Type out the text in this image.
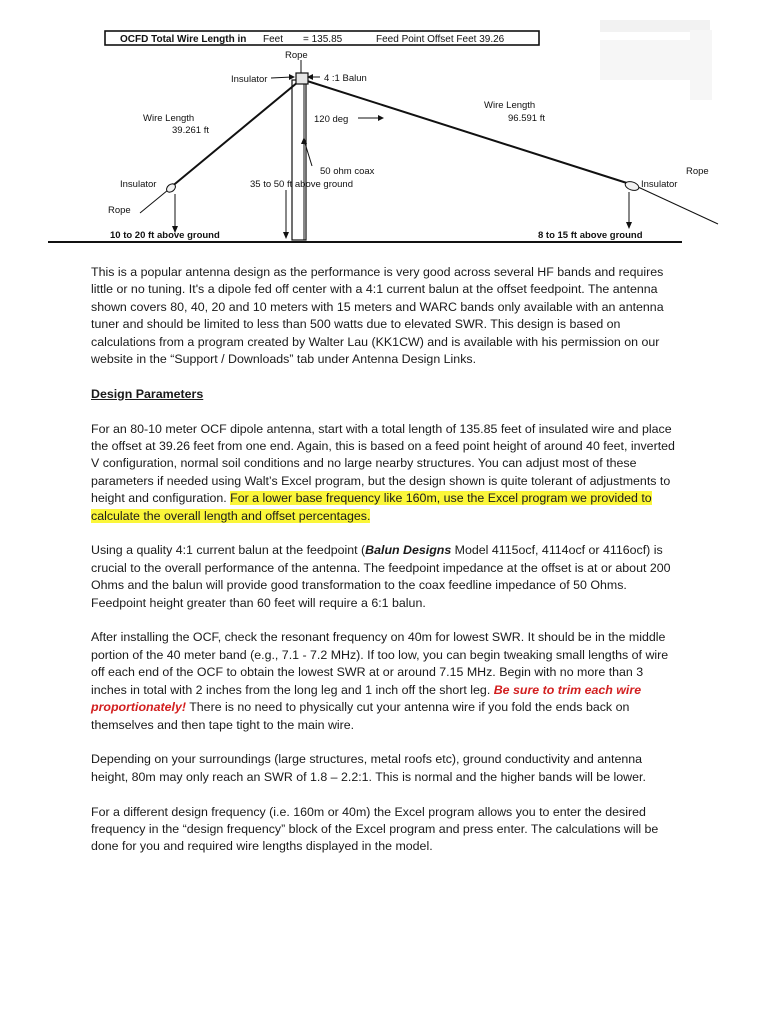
OCFD Total Wire Length in Feet = 135.85	Feed Point Offset Feet 39.26
Rope
Insulator	4 :1 Balun
Wire Length
39.261 ft
120 deg
Wire Length
96.591 ft
50 ohm coax
35 to 50 ft above ground
Insulator
Rope
Insulator
Rope
10 to 20 ft above ground	8 to 15 ft above ground

This is a popular antenna design as the performance is very good across several HF bands and requires little or no tuning. It's a dipole fed off center with a 4:1 current balun at the offset feedpoint. The antenna shown covers 80, 40, 20 and 10 meters with 15 meters and WARC bands only available with an antenna tuner and should be limited to less than 500 watts due to elevated SWR. This design is based on calculations from a program created by Walter Lau (KK1CW) and is available with his permission on our website in the “Support / Downloads” tab under Antenna Design Links.

Design Parameters

For an 80-10 meter OCF dipole antenna, start with a total length of 135.85 feet of insulated wire and place the offset at 39.26 feet from one end. Again, this is based on a feed point height of around 40 feet, inverted V configuration, normal soil conditions and no large nearby structures. You can adjust most of these parameters if needed using Walt’s Excel program, but the design shown is quite tolerant of adjustments to height and configuration. For a lower base frequency like 160m, use the Excel program we provided to calculate the overall length and offset percentages.

Using a quality 4:1 current balun at the feedpoint (Balun Designs Model 4115ocf, 4114ocf or 4116ocf) is crucial to the overall performance of the antenna. The feedpoint impedance at the offset is at or about 200 Ohms and the balun will provide good transformation to the coax feedline impedance of 50 Ohms. Feedpoint height greater than 60 feet will require a 6:1 balun.

After installing the OCF, check the resonant frequency on 40m for lowest SWR. It should be in the middle portion of the 40 meter band (e.g., 7.1 - 7.2 MHz). If too low, you can begin tweaking small lengths of wire off each end of the OCF to obtain the lowest SWR at or around 7.15 MHz. Begin with no more than 3 inches in total with 2 inches from the long leg and 1 inch off the short leg. Be sure to trim each wire proportionately! There is no need to physically cut your antenna wire if you fold the ends back on themselves and then tape tight to the main wire.

Depending on your surroundings (large structures, metal roofs etc), ground conductivity and antenna height, 80m may only reach an SWR of 1.8 – 2.2:1. This is normal and the higher bands will be lower.

For a different design frequency (i.e. 160m or 40m) the Excel program allows you to enter the desired frequency in the “design frequency” block of the Excel program and press enter. The calculations will be done for you and required wire lengths displayed in the model.
